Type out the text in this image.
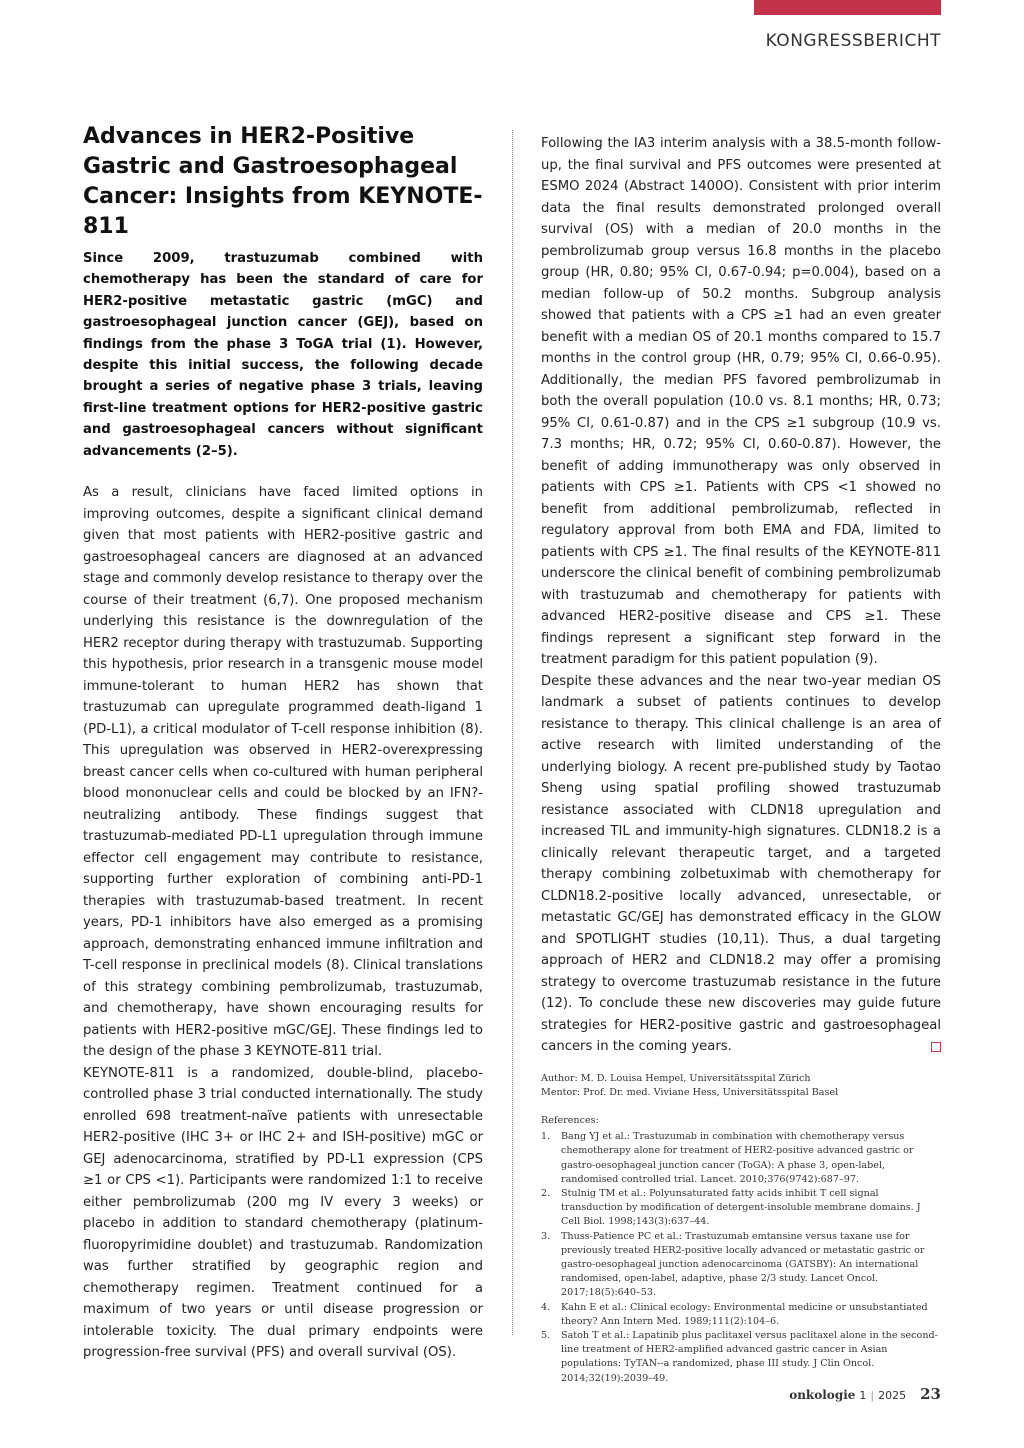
KONGRESSBERICHT
Advances in HER2-Positive Gastric and Gastroesophageal Cancer: Insights from KEYNOTE-811

Since 2009, trastuzumab combined with chemotherapy has been the standard of care for HER2-positive metastatic gastric (mGC) and gastroesophageal junction cancer (GEJ), based on findings from the phase 3 ToGA trial (1). However, despite this initial success, the following decade brought a series of negative phase 3 trials, leaving first-line treatment options for HER2-positive gastric and gastroesophageal cancers without significant advancements (2–5).

As a result, clinicians have faced limited options in improving outcomes, despite a significant clinical demand given that most patients with HER2-positive gastric and gastroesophageal cancers are diagnosed at an advanced stage and commonly develop resistance to therapy over the course of their treatment (6,7). One proposed mechanism underlying this resistance is the downregulation of the HER2 receptor during therapy with trastuzumab. Supporting this hypothesis, prior research in a transgenic mouse model immune-tolerant to human HER2 has shown that trastuzumab can upregulate programmed death-ligand 1 (PD-L1), a critical modulator of T-cell response inhibition (8). This upregulation was observed in HER2-overexpressing breast cancer cells when co-cultured with human peripheral blood mononuclear cells and could be blocked by an IFN?-neutralizing antibody. These findings suggest that trastuzumab-mediated PD-L1 upregulation through immune effector cell engagement may contribute to resistance, supporting further exploration of combining anti-PD-1 therapies with trastuzumab-based treatment. In recent years, PD-1 inhibitors have also emerged as a promising approach, demonstrating enhanced immune infiltration and T-cell response in preclinical models (8). Clinical translations of this strategy combining pembrolizumab, trastuzumab, and chemotherapy, have shown encouraging results for patients with HER2-positive mGC/GEJ. These findings led to the design of the phase 3 KEYNOTE-811 trial.

KEYNOTE-811 is a randomized, double-blind, placebo-controlled phase 3 trial conducted internationally. The study enrolled 698 treatment-naïve patients with unresectable HER2-positive (IHC 3+ or IHC 2+ and ISH-positive) mGC or GEJ adenocarcinoma, stratified by PD-L1 expression (CPS ≥1 or CPS <1). Participants were randomized 1:1 to receive either pembrolizumab (200 mg IV every 3 weeks) or placebo in addition to standard chemotherapy (platinum-fluoropyrimidine doublet) and trastuzumab. Randomization was further stratified by geographic region and chemotherapy regimen. Treatment continued for a maximum of two years or until disease progression or intolerable toxicity. The dual primary endpoints were progression-free survival (PFS) and overall survival (OS).

Following the IA3 interim analysis with a 38.5-month follow-up, the final survival and PFS outcomes were presented at ESMO 2024 (Abstract 1400O). Consistent with prior interim data the final results demonstrated prolonged overall survival (OS) with a median of 20.0 months in the pembrolizumab group versus 16.8 months in the placebo group (HR, 0.80; 95% CI, 0.67-0.94; p=0.004), based on a median follow-up of 50.2 months. Subgroup analysis showed that patients with a CPS ≥1 had an even greater benefit with a median OS of 20.1 months compared to 15.7 months in the control group (HR, 0.79; 95% CI, 0.66-0.95). Additionally, the median PFS favored pembrolizumab in both the overall population (10.0 vs. 8.1 months; HR, 0.73; 95% CI, 0.61-0.87) and in the CPS ≥1 subgroup (10.9 vs. 7.3 months; HR, 0.72; 95% CI, 0.60-0.87). However, the benefit of adding immunotherapy was only observed in patients with CPS ≥1. Patients with CPS <1 showed no benefit from additional pembrolizumab, reflected in regulatory approval from both EMA and FDA, limited to patients with CPS ≥1. The final results of the KEYNOTE-811 underscore the clinical benefit of combining pembrolizumab with trastuzumab and chemotherapy for patients with advanced HER2-positive disease and CPS ≥1. These findings represent a significant step forward in the treatment paradigm for this patient population (9).

Despite these advances and the near two-year median OS landmark a subset of patients continues to develop resistance to therapy. This clinical challenge is an area of active research with limited understanding of the underlying biology. A recent pre-published study by Taotao Sheng using spatial profiling showed trastuzumab resistance associated with CLDN18 upregulation and increased TIL and immunity-high signatures. CLDN18.2 is a clinically relevant therapeutic target, and a targeted therapy combining zolbetuximab with chemotherapy for CLDN18.2-positive locally advanced, unresectable, or metastatic GC/GEJ has demonstrated efficacy in the GLOW and SPOTLIGHT studies (10,11). Thus, a dual targeting approach of HER2 and CLDN18.2 may offer a promising strategy to overcome trastuzumab resistance in the future (12). To conclude these new discoveries may guide future strategies for HER2-positive gastric and gastroesophageal cancers in the coming years.

Author: M. D. Louisa Hempel, Universitätsspital Zürich

Mentor: Prof. Dr. med. Viviane Hess, Universitätsspital Basel

References:

1. Bang YJ et al.: Trastuzumab in combination with chemotherapy versus chemotherapy alone for treatment of HER2-positive advanced gastric or gastro-oesophageal junction cancer (ToGA): A phase 3, open-label, randomised controlled trial. Lancet. 2010;376(9742):687–97.
2. Stulnig TM et al.: Polyunsaturated fatty acids inhibit T cell signal transduction by modification of detergent-insoluble membrane domains. J Cell Biol. 1998;143(3):637–44.
3. Thuss-Patience PC et al.: Trastuzumab emtansine versus taxane use for previously treated HER2-positive locally advanced or metastatic gastric or gastro-oesophageal junction adenocarcinoma (GATSBY): An international randomised, open-label, adaptive, phase 2/3 study. Lancet Oncol. 2017;18(5):640–53.
4. Kahn E et al.: Clinical ecology: Environmental medicine or unsubstantiated theory? Ann Intern Med. 1989;111(2):104–6.
5. Satoh T et al.: Lapatinib plus paclitaxel versus paclitaxel alone in the second-line treatment of HER2-amplified advanced gastric cancer in Asian populations: TyTAN--a randomized, phase III study. J Clin Oncol. 2014;32(19):2039–49.
onkologie 1 | 2025 23
